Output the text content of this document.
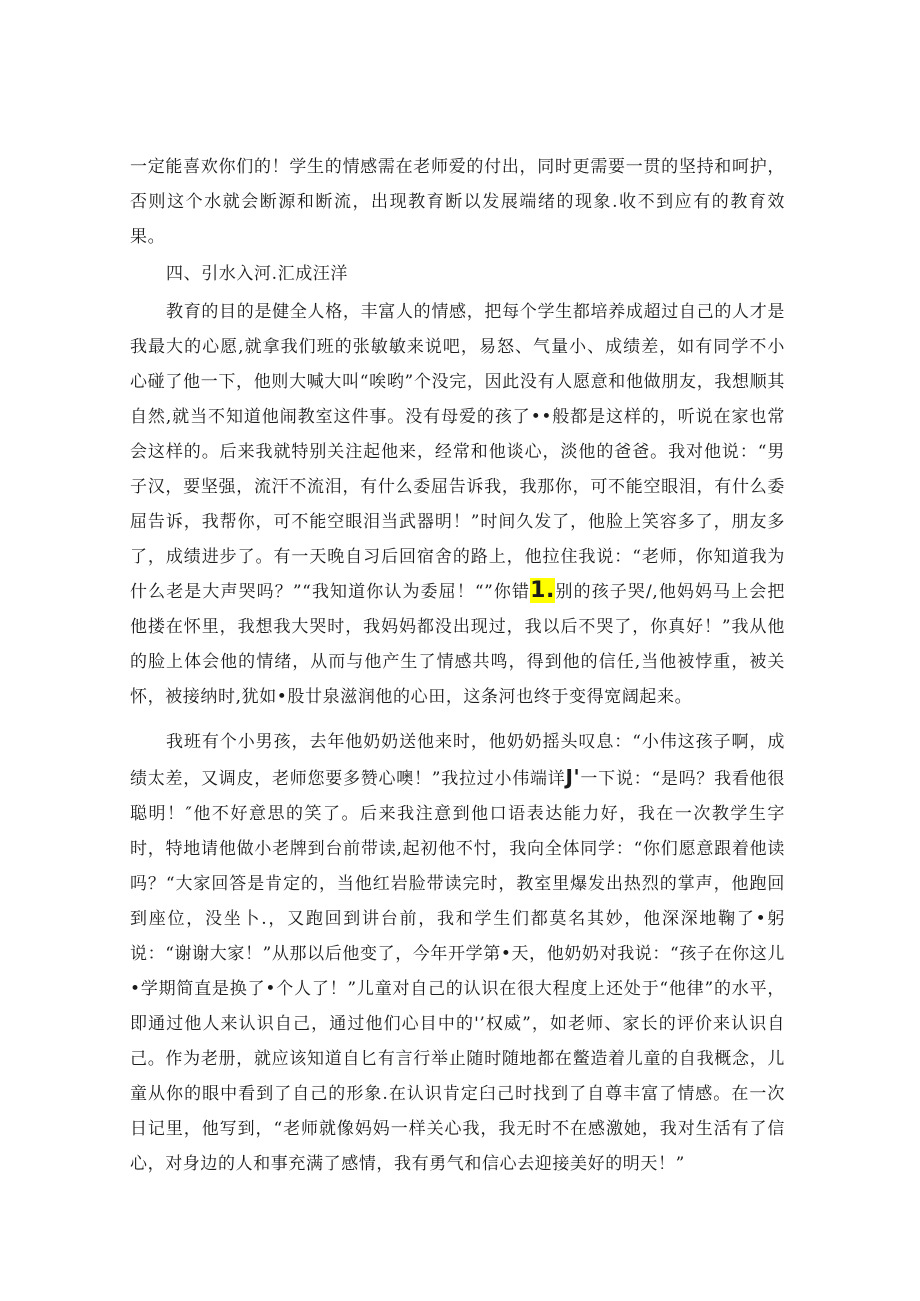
一定能喜欢你们的！学生的情感需在老师爱的付出，同时更需要一贯的坚持和呵护，否则这个水就会断源和断流，出现教育断以发展端绪的现象.收不到应有的教育效果。

四、引水入河.汇成汪洋

教育的目的是健全人格，丰富人的情感，把每个学生都培养成超过自己的人才是我最大的心愿,就拿我们班的张敏敏来说吧，易怒、气量小、成绩差，如有同学不小心碰了他一下，他则大喊大叫“唉哟”个没完，因此没有人愿意和他做朋友，我想顺其自然,就当不知道他闹教室这件事。没有母爱的孩了••般都是这样的，听说在家也常会这样的。后来我就特别关注起他来，经常和他谈心，淡他的爸爸。我对他说：“男子汉，要坚强，流汗不流泪，有什么委屈告诉我，我那你，可不能空眼泪，有什么委屈告诉，我帮你，可不能空眼泪当武器明！”时间久发了，他脸上笑容多了，朋友多了，成绩进步了。有一天晚自习后回宿舍的路上，他拉住我说：“老师，你知道我为什么老是大声哭吗？”“我知道你认为委屈！“”你错1.别的孩子哭/,他妈妈马上会把他搂在怀里，我想我大哭时，我妈妈都没出现过，我以后不哭了，你真好！”我从他的脸上体会他的情绪，从而与他产生了情感共鸣，得到他的信任,当他被悖重，被关怀，被接纳时,犹如•股廿泉滋润他的心田，这条河也终于变得宽阔起来。

我班有个小男孩，去年他奶奶送他来时，他奶奶摇头叹息：“小伟这孩子啊，成绩太差，又调皮，老师您要多赞心噢！”我拉过小伟端详J'一下说：“是吗？我看他很聪明！″他不好意思的笑了。后来我注意到他口语表达能力好，我在一次教学生字时，特地请他做小老牌到台前带读,起初他不忖，我向全体同学：“你们愿意跟着他读吗？“大家回答是肯定的，当他红岩脸带读完时，教室里爆发出热烈的掌声，他跑回到座位，没坐卜.，又跑回到讲台前，我和学生们都莫名其妙，他深深地鞠了•躬说：“谢谢大家！”从那以后他变了，今年开学第•天，他奶奶对我说：“孩子在你这儿•学期简直是换了•个人了！”儿童对自己的认识在很大程度上还处于“他律”的水平，即通过他人来认识自己，通过他们心目中的'’权威”，如老师、家长的评价来认识自己。作为老册，就应该知道自匕有言行举止随时随地都在鳖造着儿童的自我概念，儿童从你的眼中看到了自己的形象.在认识肯定臼己时找到了自尊丰富了情感。在一次日记里，他写到，“老师就像妈妈一样关心我，我无时不在感激她，我对生活有了信心，对身边的人和事充满了感情，我有勇气和信心去迎接美好的明天！”
